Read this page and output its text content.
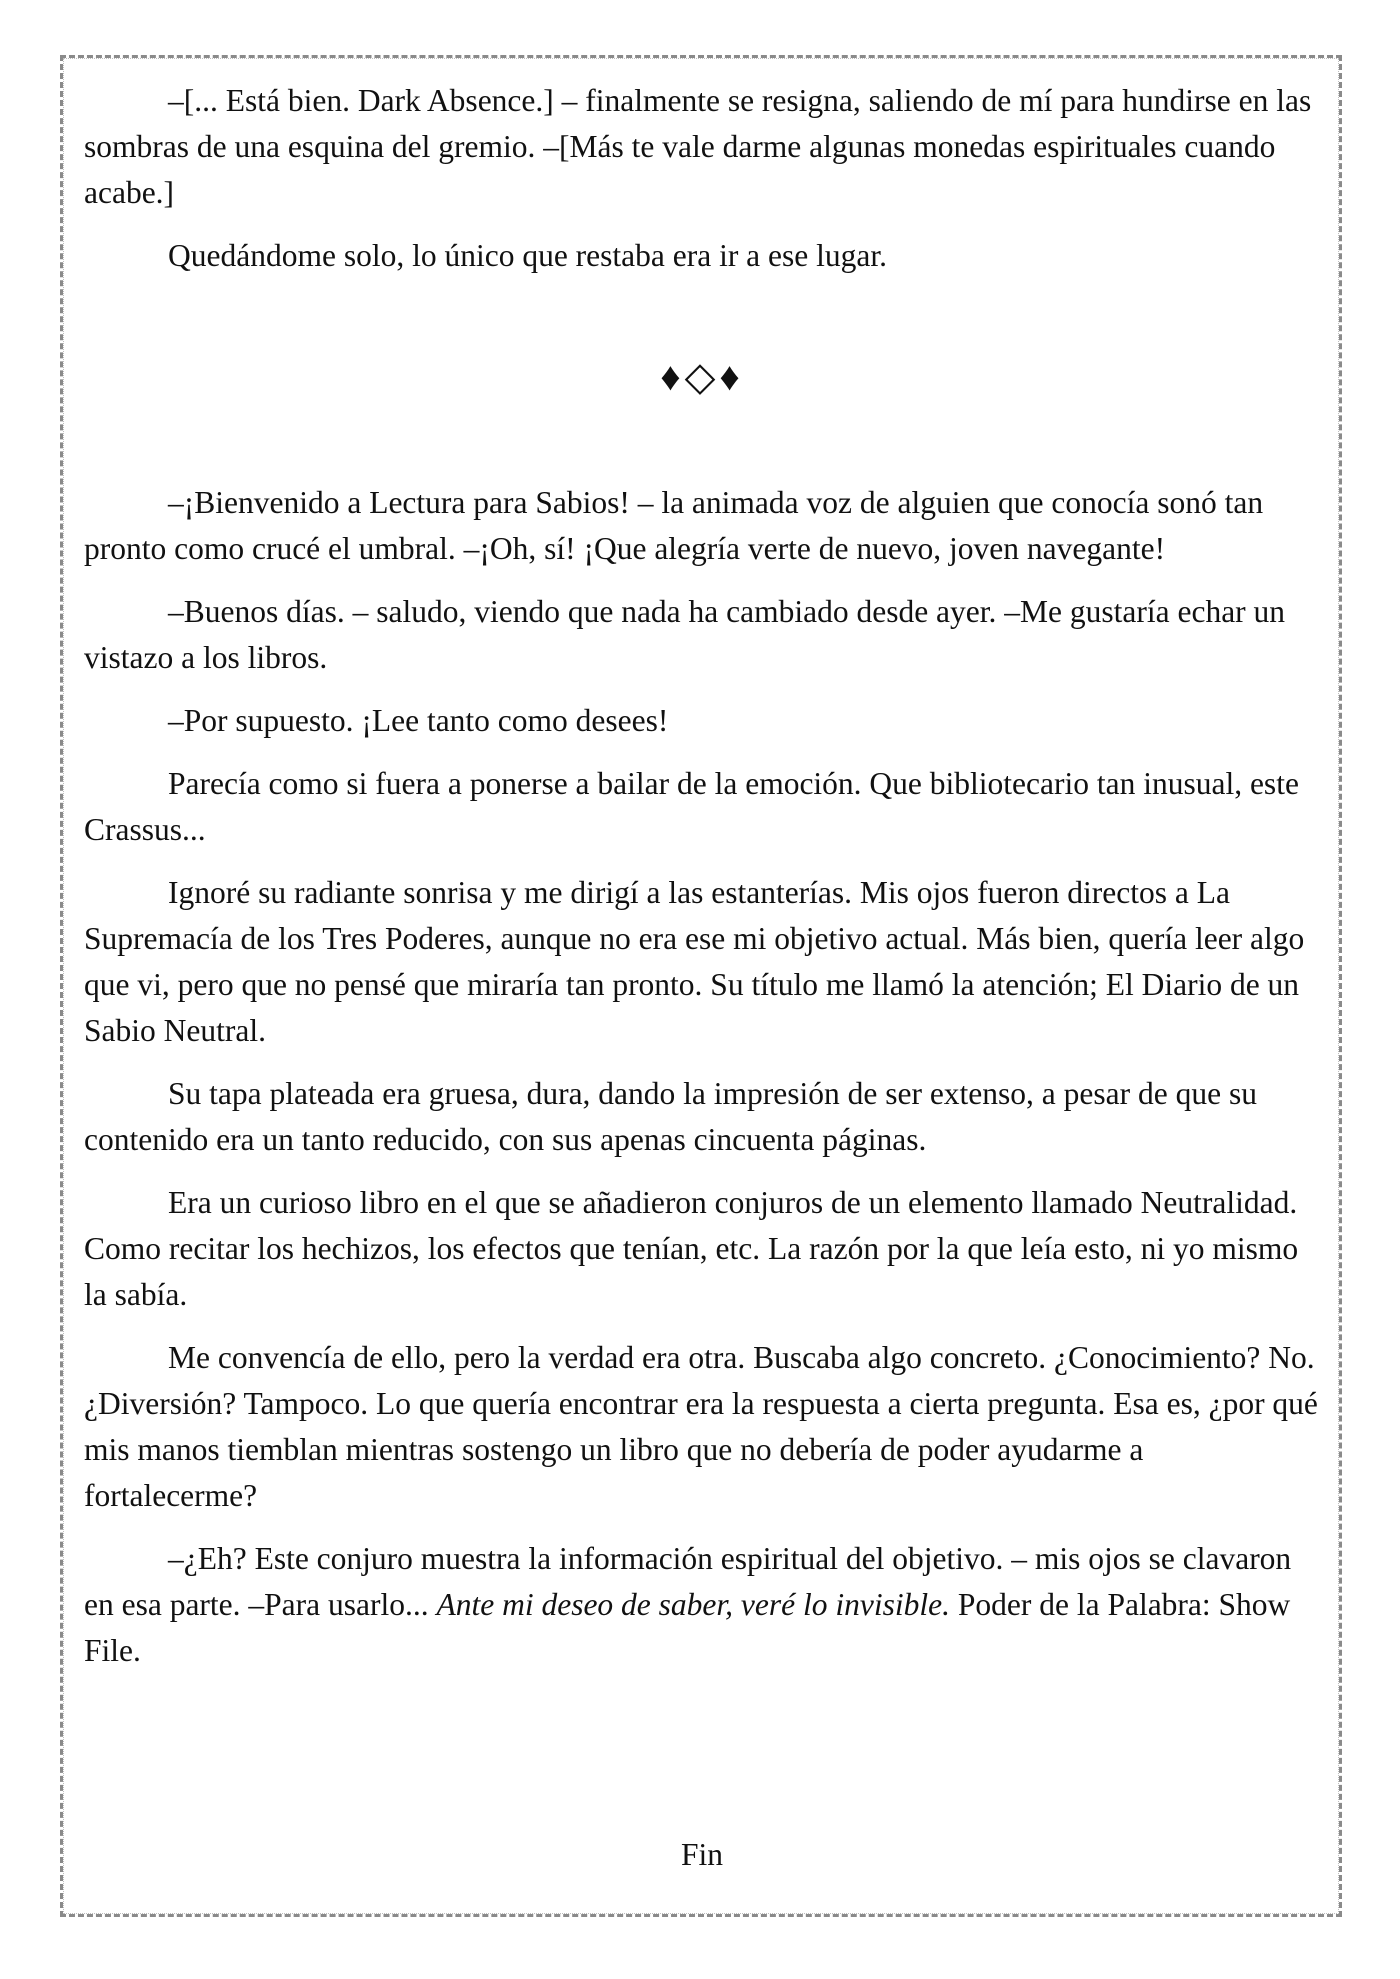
–[... Está bien. Dark Absence.] – finalmente se resigna, saliendo de mí para hundirse en las sombras de una esquina del gremio. –[Más te vale darme algunas monedas espirituales cuando acabe.]

Quedándome solo, lo único que restaba era ir a ese lugar.

♦◇♦

–¡Bienvenido a Lectura para Sabios! – la animada voz de alguien que conocía sonó tan pronto como crucé el umbral. –¡Oh, sí! ¡Que alegría verte de nuevo, joven navegante!

–Buenos días. – saludo, viendo que nada ha cambiado desde ayer. –Me gustaría echar un vistazo a los libros.

–Por supuesto. ¡Lee tanto como desees!

Parecía como si fuera a ponerse a bailar de la emoción. Que bibliotecario tan inusual, este Crassus...

Ignoré su radiante sonrisa y me dirigí a las estanterías. Mis ojos fueron directos a La Supremacía de los Tres Poderes, aunque no era ese mi objetivo actual. Más bien, quería leer algo que vi, pero que no pensé que miraría tan pronto. Su título me llamó la atención; El Diario de un Sabio Neutral.

Su tapa plateada era gruesa, dura, dando la impresión de ser extenso, a pesar de que su contenido era un tanto reducido, con sus apenas cincuenta páginas.

Era un curioso libro en el que se añadieron conjuros de un elemento llamado Neutralidad. Como recitar los hechizos, los efectos que tenían, etc. La razón por la que leía esto, ni yo mismo la sabía.

Me convencía de ello, pero la verdad era otra. Buscaba algo concreto. ¿Conocimiento? No. ¿Diversión? Tampoco. Lo que quería encontrar era la respuesta a cierta pregunta. Esa es, ¿por qué mis manos tiemblan mientras sostengo un libro que no debería de poder ayudarme a fortalecerme?

–¿Eh? Este conjuro muestra la información espiritual del objetivo. – mis ojos se clavaron en esa parte. –Para usarlo... Ante mi deseo de saber, veré lo invisible. Poder de la Palabra: Show File.

Fin
